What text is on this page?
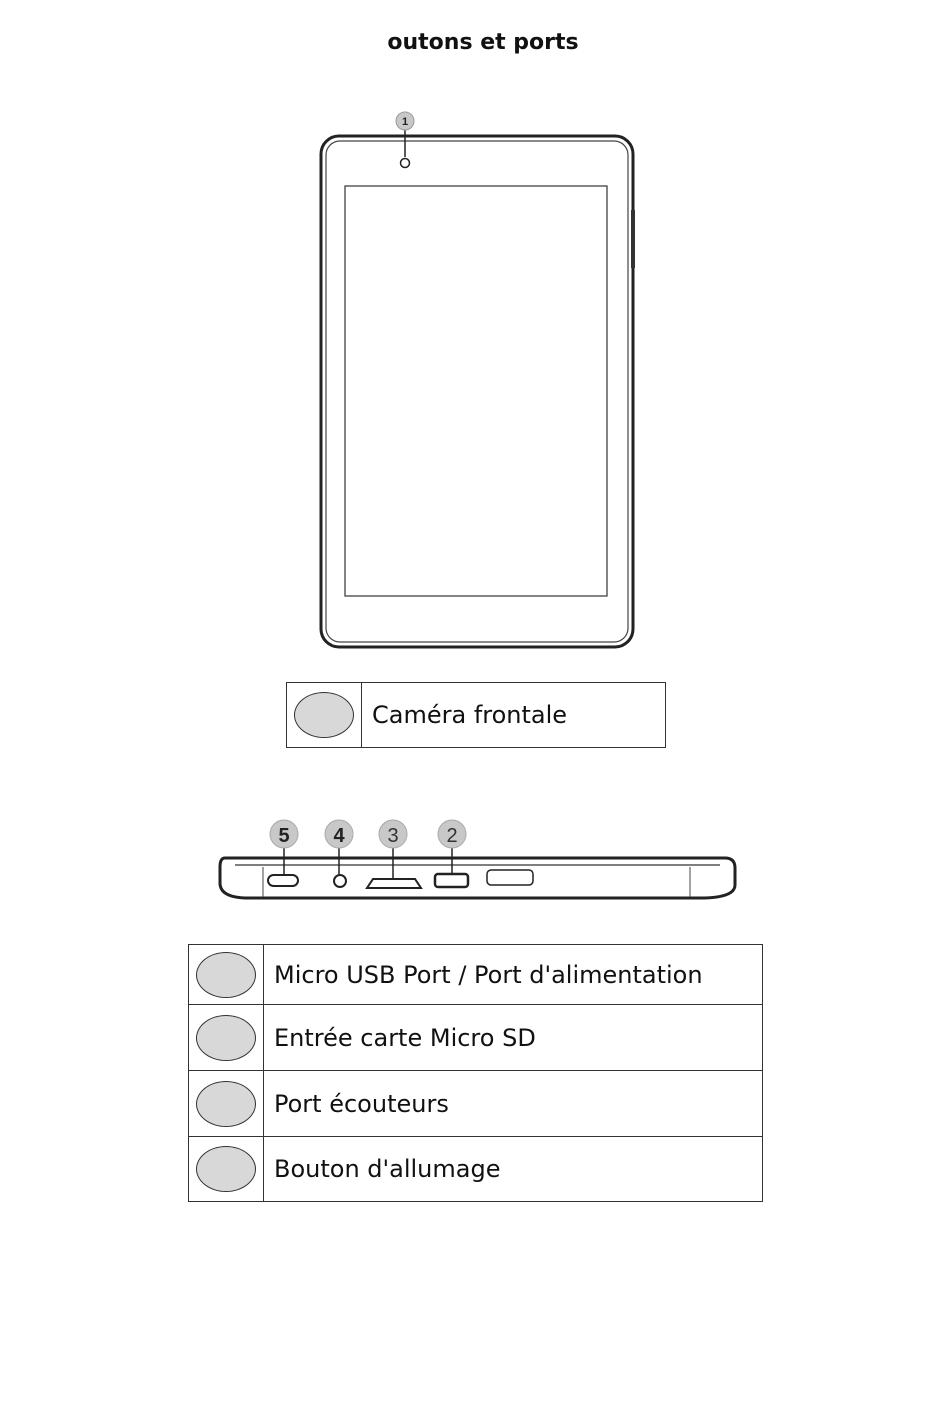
outons et ports
1
	Caméra frontale
5 4 3 2
	Micro USB Port / Port d'alimentation
	Entrée carte Micro SD
	Port écouteurs
	Bouton d'allumage
